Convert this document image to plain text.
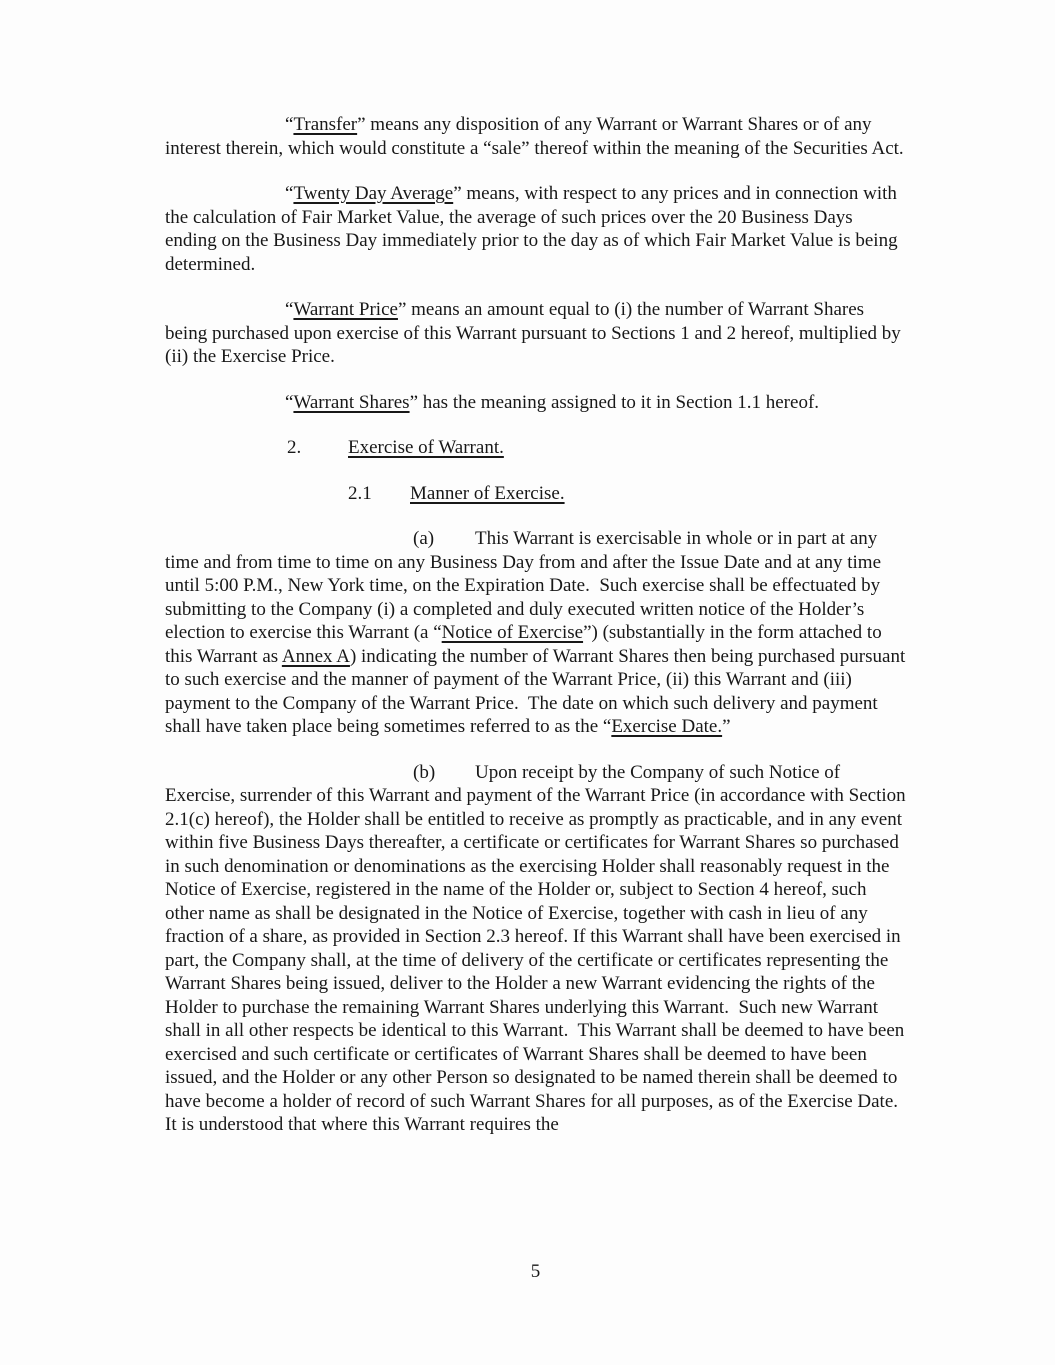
“Transfer” means any disposition of any Warrant or Warrant Shares or of any interest therein, which would constitute a “sale” thereof within the meaning of the Securities Act.

“Twenty Day Average” means, with respect to any prices and in connection with the calculation of Fair Market Value, the average of such prices over the 20 Business Days ending on the Business Day immediately prior to the day as of which Fair Market Value is being determined.

“Warrant Price” means an amount equal to (i) the number of Warrant Shares being purchased upon exercise of this Warrant pursuant to Sections 1 and 2 hereof, multiplied by (ii) the Exercise Price.

“Warrant Shares” has the meaning assigned to it in Section 1.1 hereof.

2. Exercise of Warrant.

2.1 Manner of Exercise.

(a) This Warrant is exercisable in whole or in part at any time and from time to time on any Business Day from and after the Issue Date and at any time until 5:00 P.M., New York time, on the Expiration Date.  Such exercise shall be effectuated by submitting to the Company (i) a completed and duly executed written notice of the Holder’s election to exercise this Warrant (a “Notice of Exercise”) (substantially in the form attached to this Warrant as Annex A) indicating the number of Warrant Shares then being purchased pursuant to such exercise and the manner of payment of the Warrant Price, (ii) this Warrant and (iii) payment to the Company of the Warrant Price.  The date on which such delivery and payment shall have taken place being sometimes referred to as the “Exercise Date.”

(b) Upon receipt by the Company of such Notice of Exercise, surrender of this Warrant and payment of the Warrant Price (in accordance with Section 2.1(c) hereof), the Holder shall be entitled to receive as promptly as practicable, and in any event within five Business Days thereafter, a certificate or certificates for Warrant Shares so purchased in such denomination or denominations as the exercising Holder shall reasonably request in the Notice of Exercise, registered in the name of the Holder or, subject to Section 4 hereof, such other name as shall be designated in the Notice of Exercise, together with cash in lieu of any fraction of a share, as provided in Section 2.3 hereof. If this Warrant shall have been exercised in part, the Company shall, at the time of delivery of the certificate or certificates representing the Warrant Shares being issued, deliver to the Holder a new Warrant evidencing the rights of the Holder to purchase the remaining Warrant Shares underlying this Warrant.  Such new Warrant shall in all other respects be identical to this Warrant.  This Warrant shall be deemed to have been exercised and such certificate or certificates of Warrant Shares shall be deemed to have been issued, and the Holder or any other Person so designated to be named therein shall be deemed to have become a holder of record of such Warrant Shares for all purposes, as of the Exercise Date.  It is understood that where this Warrant requires the

5
